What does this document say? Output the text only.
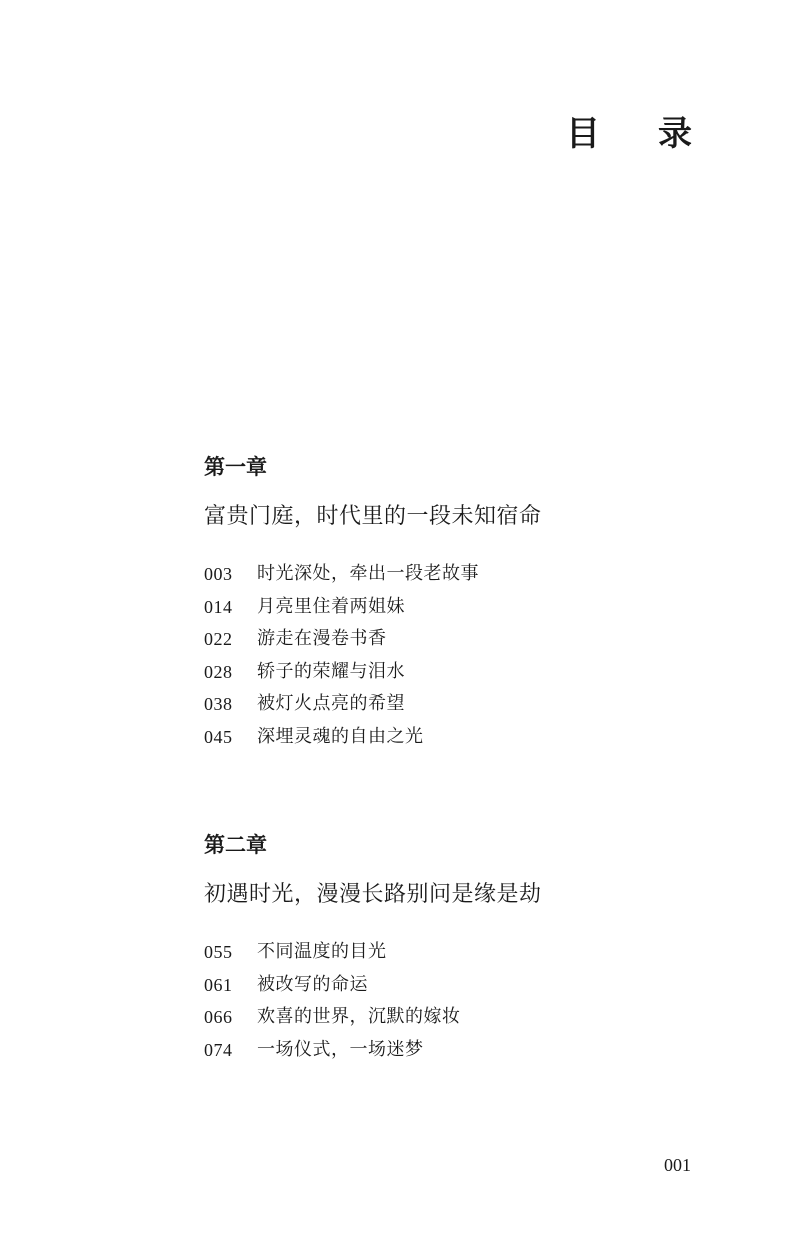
目录
第一章
富贵门庭，时代里的一段未知宿命
003	时光深处，牵出一段老故事
014	月亮里住着两姐妹
022	游走在漫卷书香
028	轿子的荣耀与泪水
038	被灯火点亮的希望
045	深埋灵魂的自由之光
第二章
初遇时光，漫漫长路别问是缘是劫
055	不同温度的目光
061	被改写的命运
066	欢喜的世界，沉默的嫁妆
074	一场仪式，一场迷梦
001
